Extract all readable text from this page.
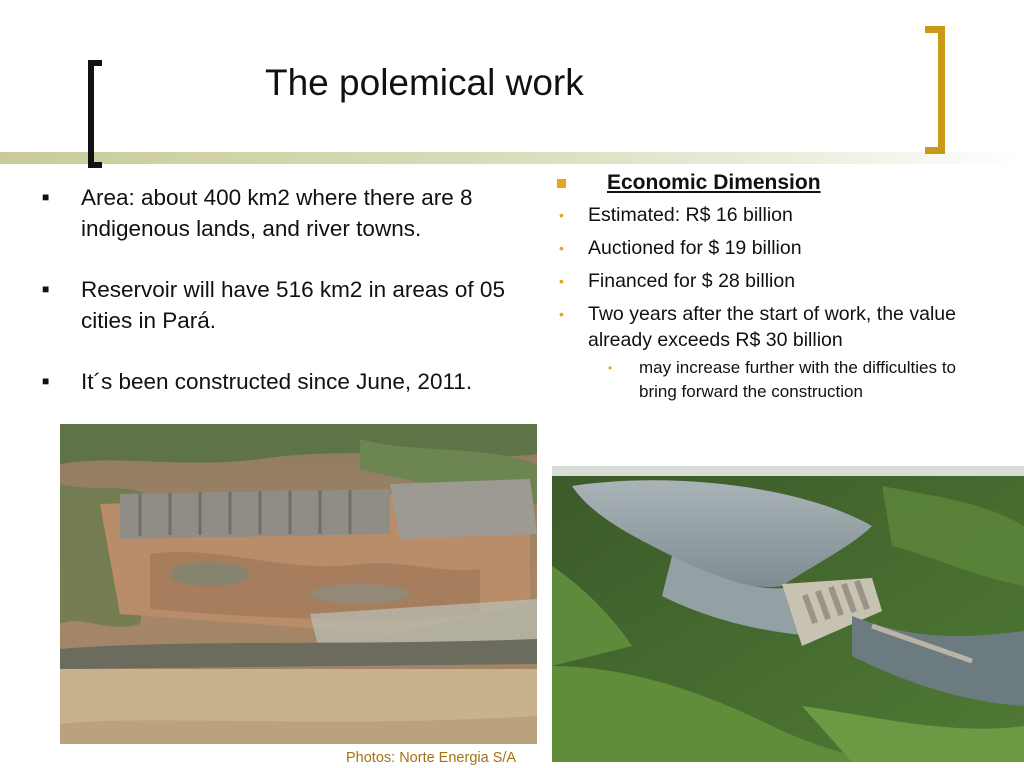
The polemical work
■ Area: about 400 km2 where there are 8 indigenous lands, and river towns.
■ Reservoir will have 516 km2 in areas of 05 cities in Pará.
■ It´s been constructed since June, 2011.
Economic Dimension
• Estimated: R$ 16 billion
• Auctioned for $ 19 billion
• Financed for $ 28 billion
• Two years after the start of work, the value already exceeds R$ 30 billion
• may increase further with the difficulties to bring forward the construction
Photos: Norte Energia S/A
